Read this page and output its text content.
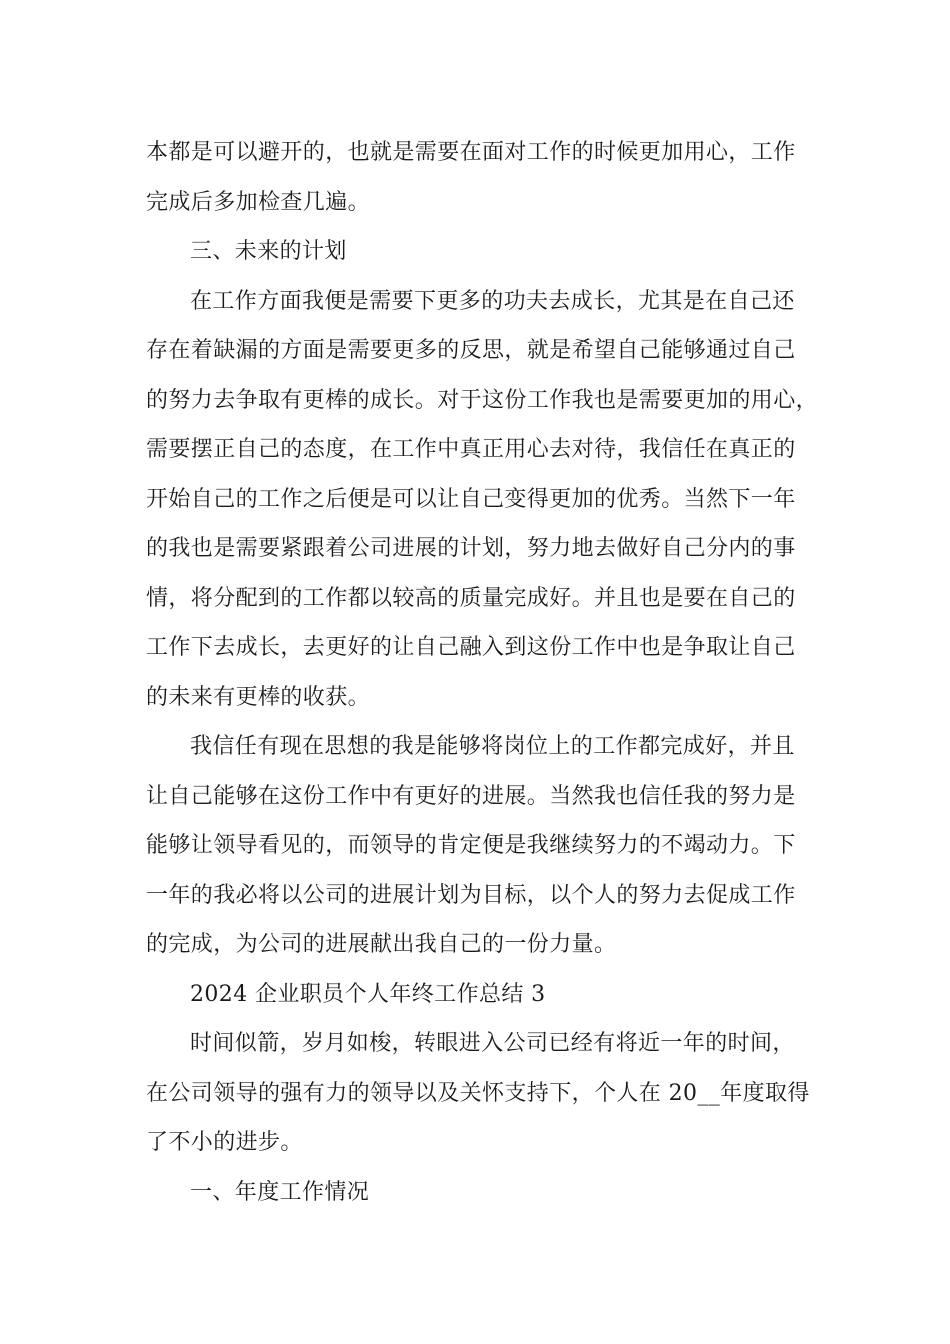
本都是可以避开的，也就是需要在面对工作的时候更加用心，工作
完成后多加检查几遍。
三、未来的计划
在工作方面我便是需要下更多的功夫去成长，尤其是在自己还
存在着缺漏的方面是需要更多的反思，就是希望自己能够通过自己
的努力去争取有更棒的成长。对于这份工作我也是需要更加的用心，
需要摆正自己的态度，在工作中真正用心去对待，我信任在真正的
开始自己的工作之后便是可以让自己变得更加的优秀。当然下一年
的我也是需要紧跟着公司进展的计划，努力地去做好自己分内的事
情，将分配到的工作都以较高的质量完成好。并且也是要在自己的
工作下去成长，去更好的让自己融入到这份工作中也是争取让自己
的未来有更棒的收获。
我信任有现在思想的我是能够将岗位上的工作都完成好，并且
让自己能够在这份工作中有更好的进展。当然我也信任我的努力是
能够让领导看见的，而领导的肯定便是我继续努力的不竭动力。下
一年的我必将以公司的进展计划为目标，以个人的努力去促成工作
的完成，为公司的进展献出我自己的一份力量。
2024 企业职员个人年终工作总结 3
时间似箭，岁月如梭，转眼进入公司已经有将近一年的时间，
在公司领导的强有力的领导以及关怀支持下，个人在 20__年度取得
了不小的进步。
一、年度工作情况
